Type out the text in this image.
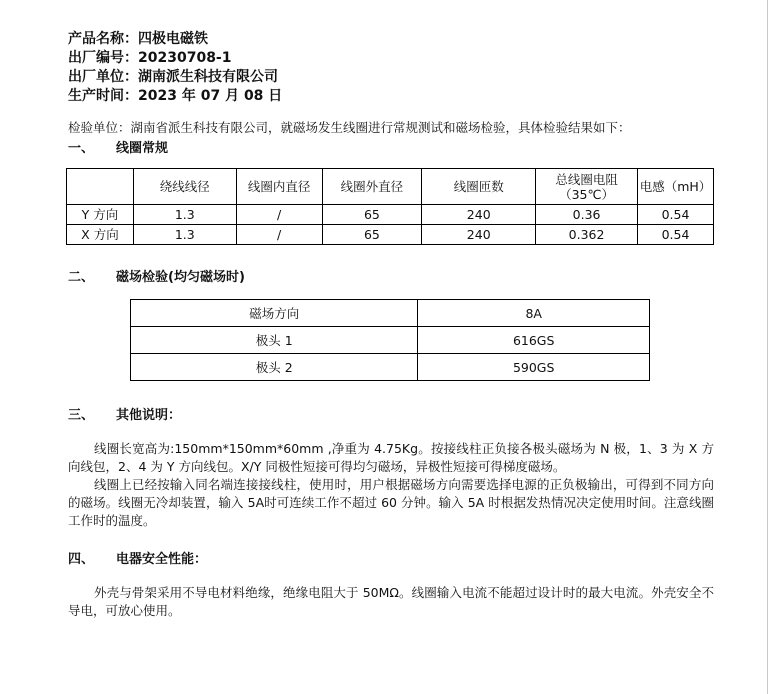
产品名称：四极电磁铁
出厂编号：20230708-1
出厂单位：湖南派生科技有限公司
生产时间：2023 年 07 月 08 日
检验单位：湖南省派生科技有限公司，就磁场发生线圈进行常规测试和磁场检验，具体检验结果如下：
一、 线圈常规
	绕线线径	线圈内直径	线圈外直径	线圈匝数	总线圈电阻（35℃）	电感（mH）
Y 方向	1.3	/	65	240	0.36	0.54
X 方向	1.3	/	65	240	0.362	0.54
二、 磁场检验(均匀磁场时)
磁场方向	8A
极头 1	616GS
极头 2	590GS
三、 其他说明：
线圈长宽高为:150mm*150mm*60mm ,净重为 4.75Kg。按接线柱正负接各极头磁场为 N 极，1、3 为 X 方向线包，2、4 为 Y 方向线包。X/Y 同极性短接可得均匀磁场，异极性短接可得梯度磁场。
线圈上已经按输入同名端连接接线柱，使用时，用户根据磁场方向需要选择电源的正负极输出，可得到不同方向的磁场。线圈无冷却装置，输入 5A时可连续工作不超过 60 分钟。输入 5A 时根据发热情况决定使用时间。注意线圈工作时的温度。
四、 电器安全性能：
外壳与骨架采用不导电材料绝缘，绝缘电阻大于 50MΩ。线圈输入电流不能超过设计时的最大电流。外壳安全不导电，可放心使用。
